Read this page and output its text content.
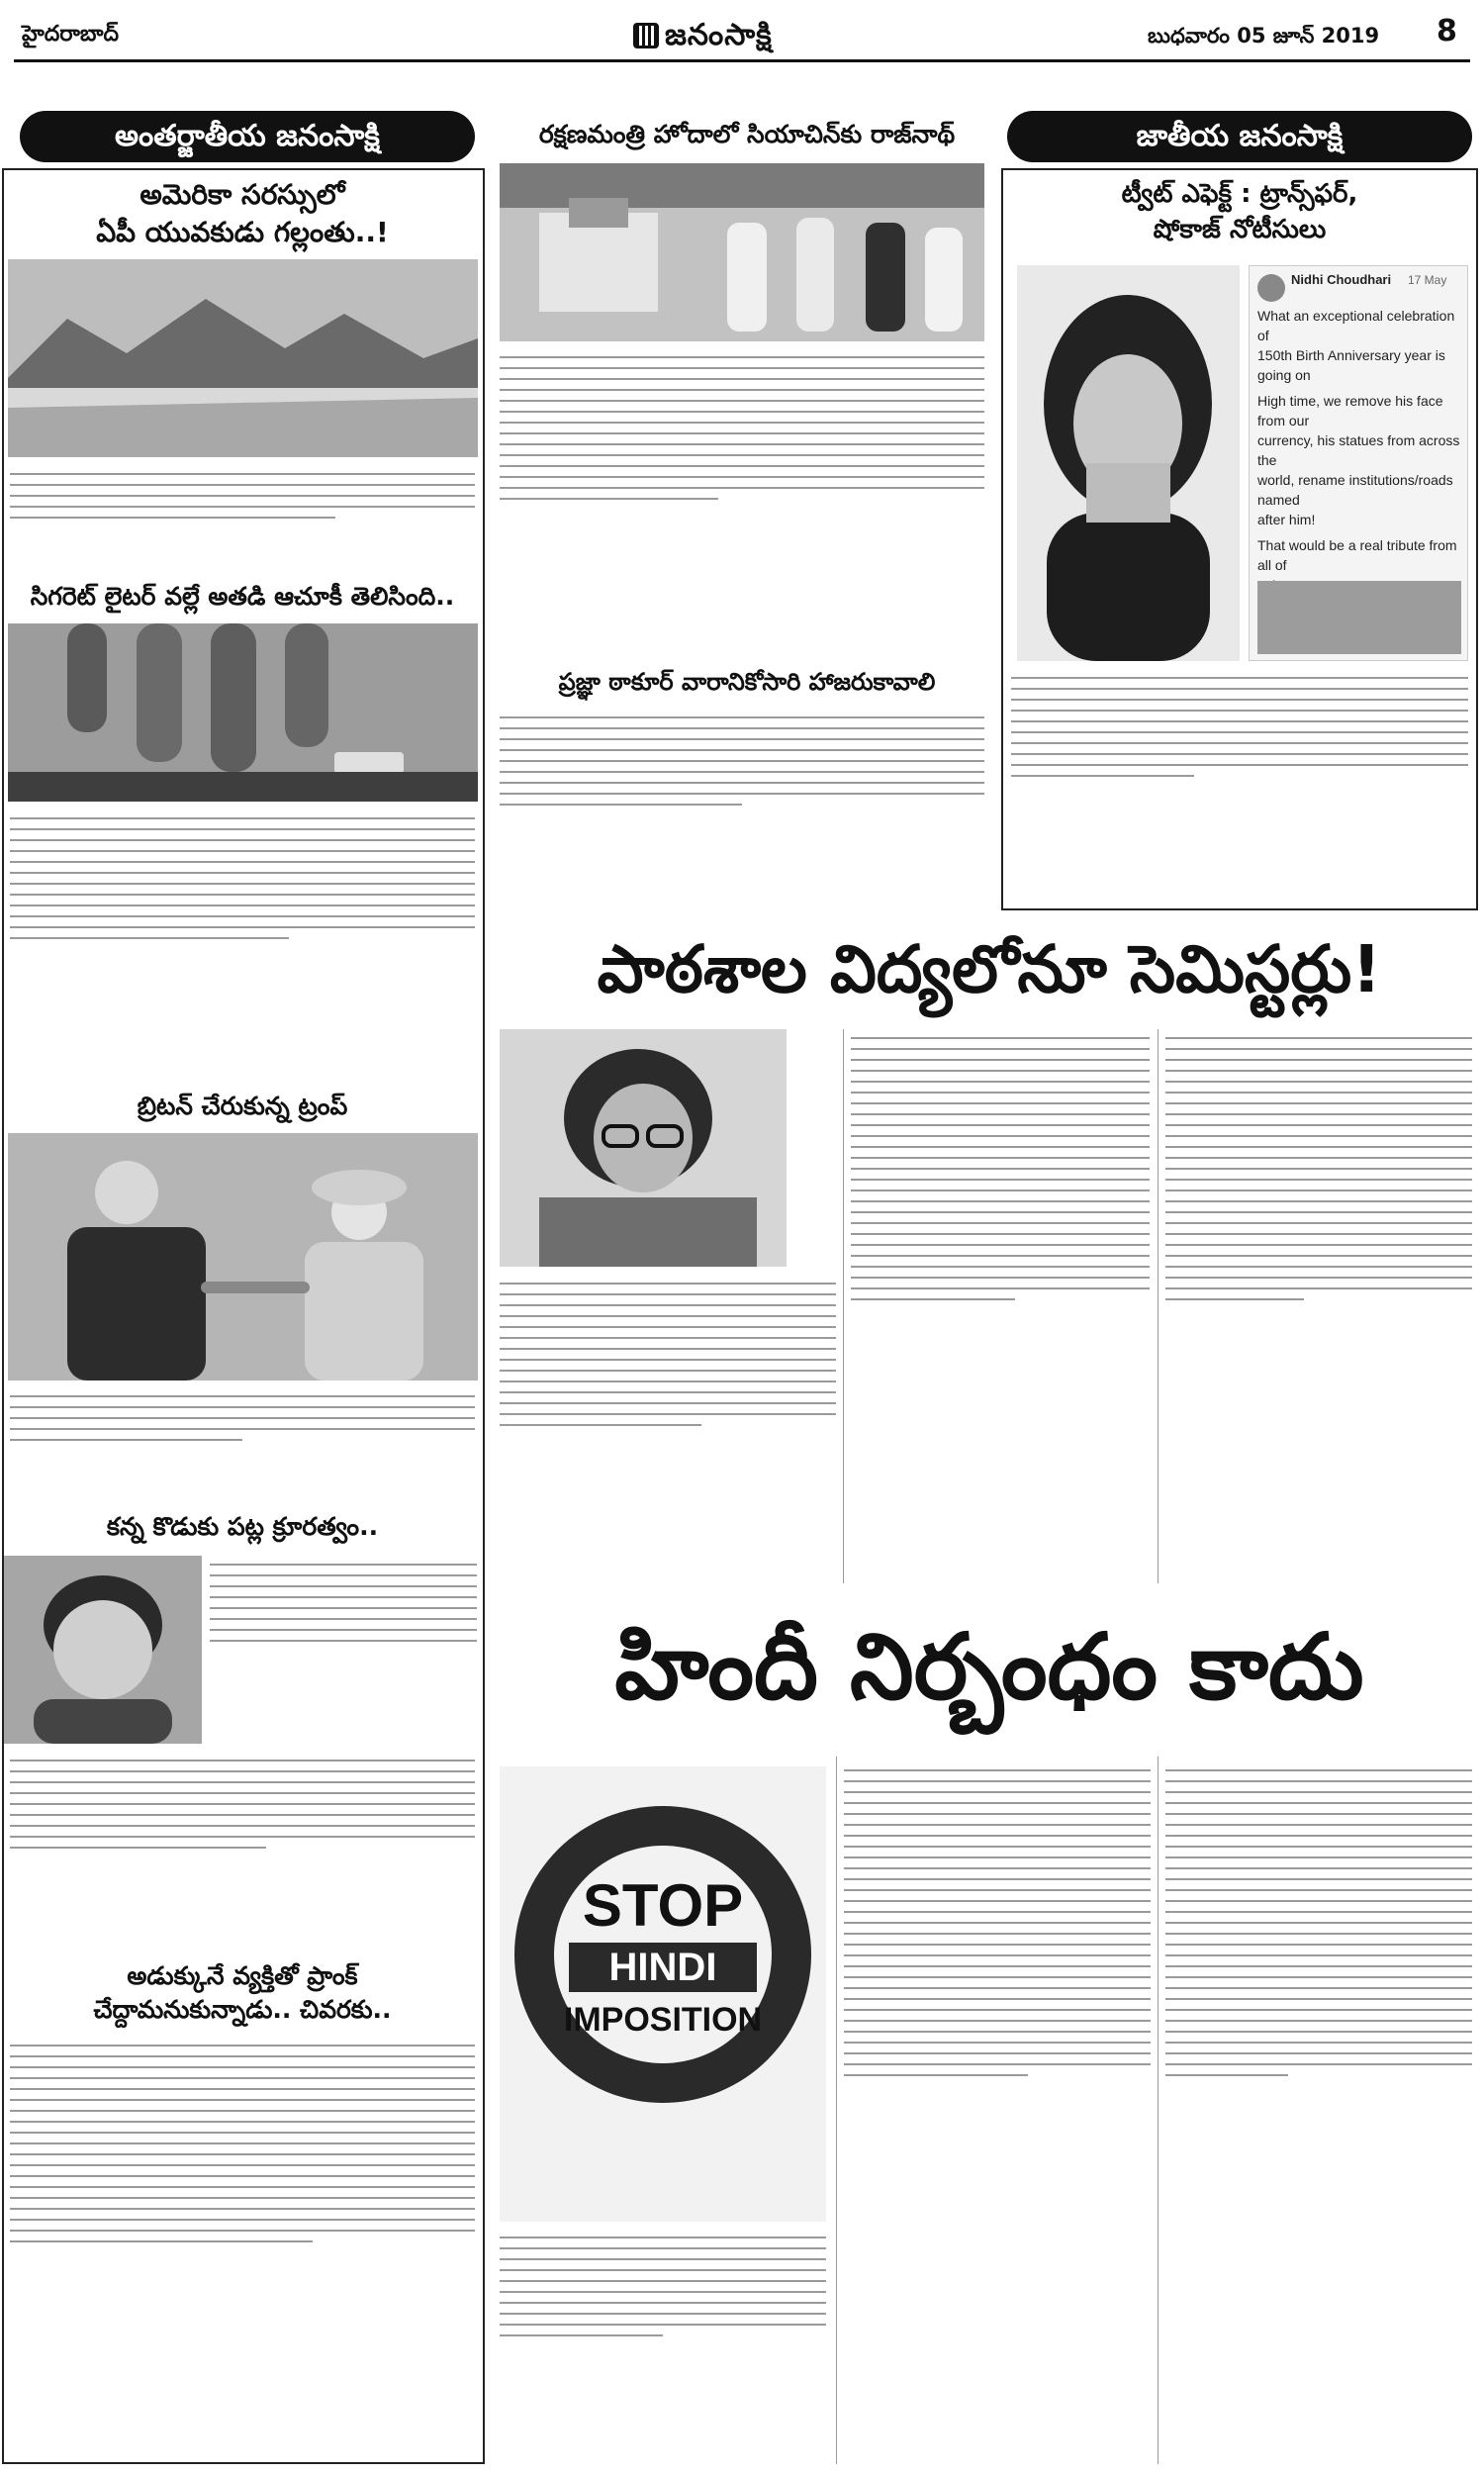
హైదరాబాద్	జనంసాక్షి	బుధవారం 05 జూన్ 2019 8
అంతర్జాతీయ జనంసాక్షి
అమెరికా సరస్సులో
ఏపీ యువకుడు గల్లంతు..!
సిగరెట్ లైటర్ వల్లే అతడి ఆచూకీ తెలిసింది..
బ్రిటన్ చేరుకున్న ట్రంప్
కన్న కొడుకు పట్ల క్రూరత్వం..
అడుక్కునే వ్యక్తితో ప్రాంక్
చేద్దామనుకున్నాడు.. చివరకు..
రక్షణమంత్రి హోదాలో సియాచిన్‌కు రాజ్‌నాథ్
ప్రజ్ఞా ఠాకూర్ వారానికోసారి హాజరుకావాలి
జాతీయ జనంసాక్షి
ట్వీట్ ఎఫెక్ట్ : ట్రాన్స్‌ఫర్,
షోకాజ్ నోటీసులు
Nidhi Choudhari 17 May
What an exceptional celebration of
150th Birth Anniversary year is going on
High time, we remove his face from our
currency, his statues from across the
world, rename institutions/roads named
after him!
That would be a real tribute from all of
పాఠశాల విద్యలోనూ సెమిస్టర్లు!
హిందీ నిర్బంధం కాదు
STOP
HINDI
IMPOSITION
